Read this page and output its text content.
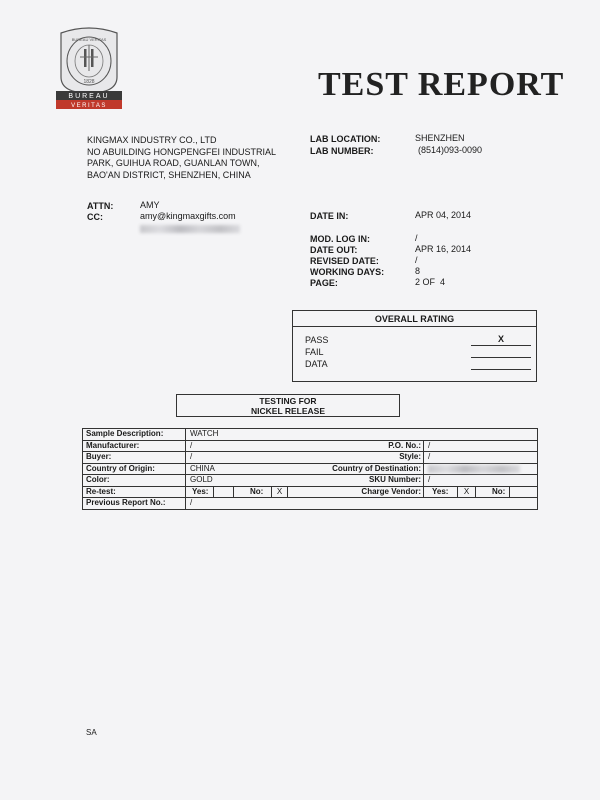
BUREAU VERITAS
1828
BUREAU
VERITAS
TEST REPORT
KINGMAX INDUSTRY CO., LTD
NO ABUILDING HONGPENGFEI INDUSTRIAL
PARK, GUIHUA ROAD, GUANLAN TOWN,
BAO'AN DISTRICT, SHENZHEN, CHINA
LAB LOCATION:	SHENZHEN
LAB NUMBER:	(8514)093-0090
ATTN:	AMY
CC:	amy@kingmaxgifts.com	DATE IN:	APR 04, 2014
MOD. LOG IN:	/
DATE OUT:	APR 16, 2014
REVISED DATE:	/
WORKING DAYS:	8
PAGE:	2 OF  4
OVERALL RATING
PASS	X
FAIL
DATA
TESTING FOR
NICKEL RELEASE
Sample Description:	WATCH
Manufacturer:	/	P.O. No.: /
Buyer:	/	Style: /
Country of Origin:	CHINA	Country of Destination:
Color:	GOLD	SKU Number: /
Re-test:	Yes:	No:	X	Charge Vendor:	Yes:	X	No:
Previous Report No.:	/
SA
